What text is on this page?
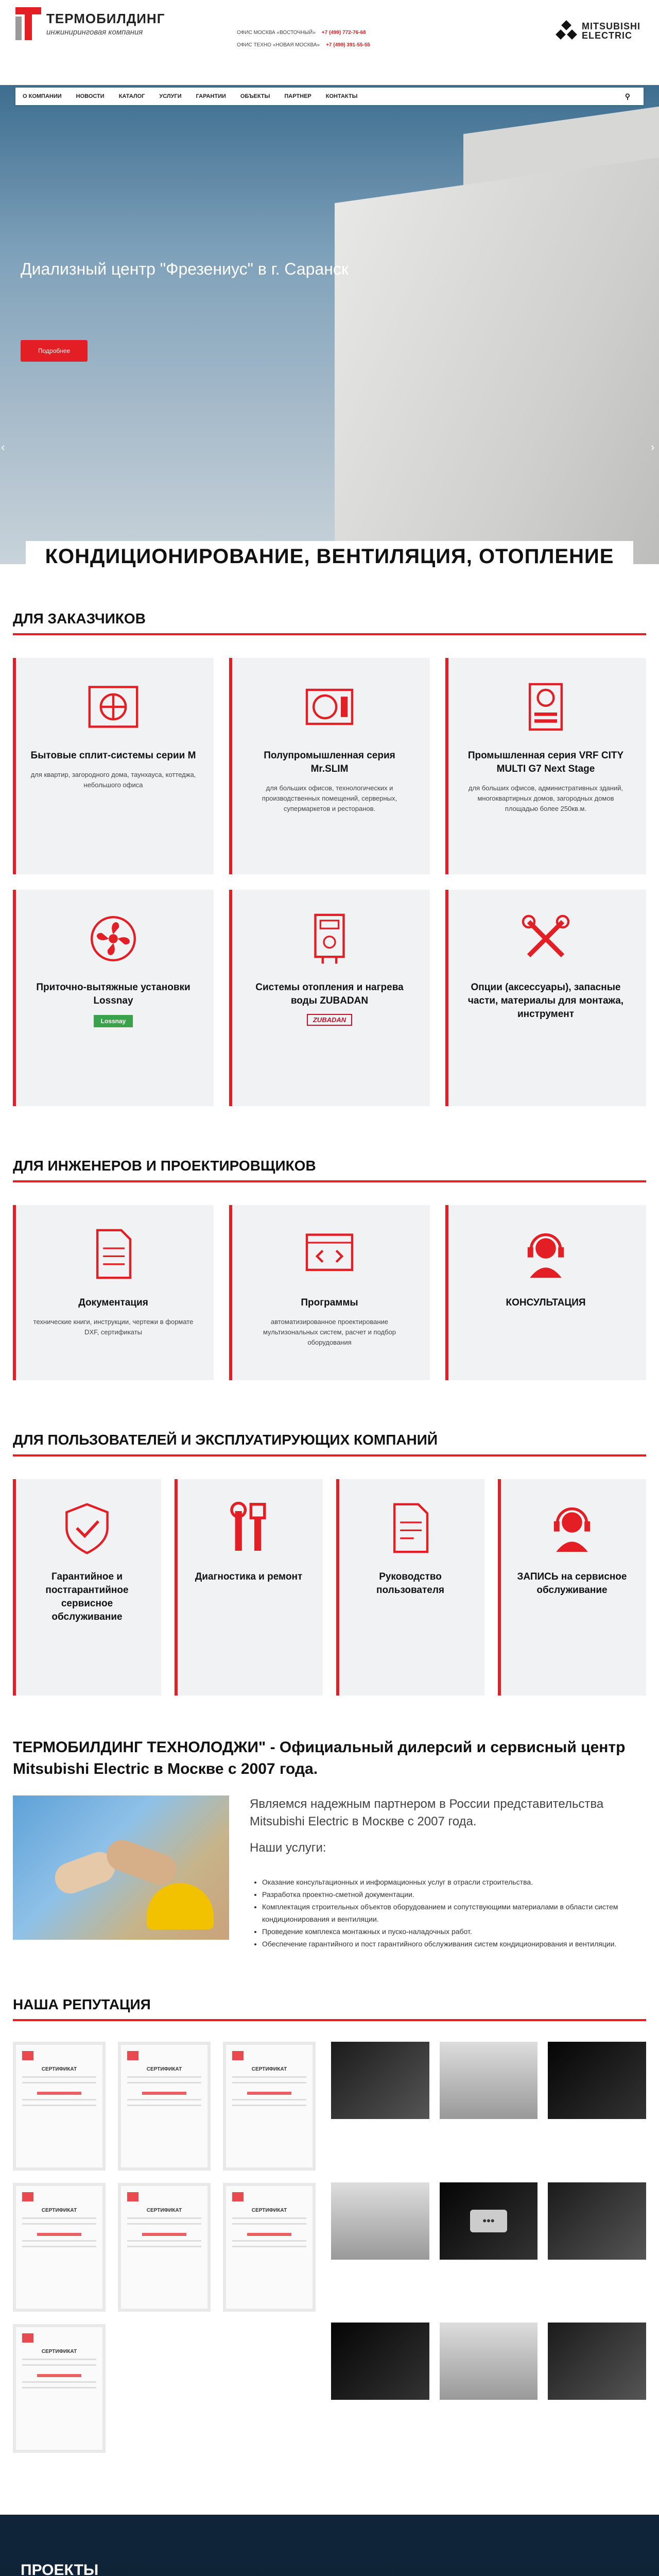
ТЕРМОБИЛДИНГ
инжиниринговая компания	ОФИС МОСКВА «ВОСТОЧНЫЙ» +7 (499) 772-76-68
ОФИС ТЕХНО «НОВАЯ МОСКВА» +7 (499) 391-55-55
MITSUBISHI ELECTRIC
О КОМПАНИИ	НОВОСТИ	КАТАЛОГ	УСЛУГИ	ГАРАНТИИ	ОБЪЕКТЫ	ПАРТНЕР	КОНТАКТЫ	⚲
Диализный центр "Фрезениус" в г. Саранск
Подробнее
‹	›
КОНДИЦИОНИРОВАНИЕ, ВЕНТИЛЯЦИЯ, ОТОПЛЕНИЕ
ДЛЯ ЗАКАЗЧИКОВ
Бытовые сплит-системы серии M
для квартир, загородного дома, таунхауса, коттеджа, небольшого офиса
Полупромышленная серия Mr.SLIM
для больших офисов, технологических и производственных помещений, серверных, супермаркетов и ресторанов.
Промышленная серия VRF CITY MULTI G7 Next Stage
для больших офисов, административных зданий, многоквартирных домов, загородных домов площадью более 250кв.м.
Приточно-вытяжные установки Lossnay
Lossnay
Системы отопления и нагрева воды ZUBADAN
ZUBADAN
Опции (аксессуары), запасные части, материалы для монтажа, инструмент
ДЛЯ ИНЖЕНЕРОВ И ПРОЕКТИРОВЩИКОВ
Документация
технические книги, инструкции, чертежи в формате DXF, сертификаты
Программы
автоматизированное проектирование мультизональных систем, расчет и подбор оборудования
КОНСУЛЬТАЦИЯ
ДЛЯ ПОЛЬЗОВАТЕЛЕЙ И ЭКСПЛУАТИРУЮЩИХ КОМПАНИЙ
Гарантийное и постгарантийное сервисное обслуживание
Диагностика и ремонт	Руководство пользователя
ЗАПИСЬ на сервисное обслуживание
ТЕРМОБИЛДИНГ ТЕХНОЛОДЖИ" - Официальный дилерсий и сервисный центр Mitsubishi Electric в Москве с 2007 года.
Являемся надежным партнером в России представительства Mitsubishi Electric в Москве с 2007 года.
Наши услуги:
• Оказание консультационных и информационных услуг в отрасли строительства.
• Разработка проектно-сметной документации.
• Комплектация строительных объектов оборудованием и сопутствующими материалами в области систем кондиционирования и вентиляции.
• Проведение комплекса монтажных и пуско-наладочных работ.
• Обеспечение гарантийного и пост гарантийного обслуживания систем кондиционирования и вентиляции.
НАША РЕПУТАЦИЯ
СЕРТИФИКАТ	СЕРТИФИКАТ	СЕРТИФИКАТ
СЕРТИФИКАТ	СЕРТИФИКАТ	СЕРТИФИКАТ
СЕРТИФИКАТ
•••
ПРОЕКТЫ
